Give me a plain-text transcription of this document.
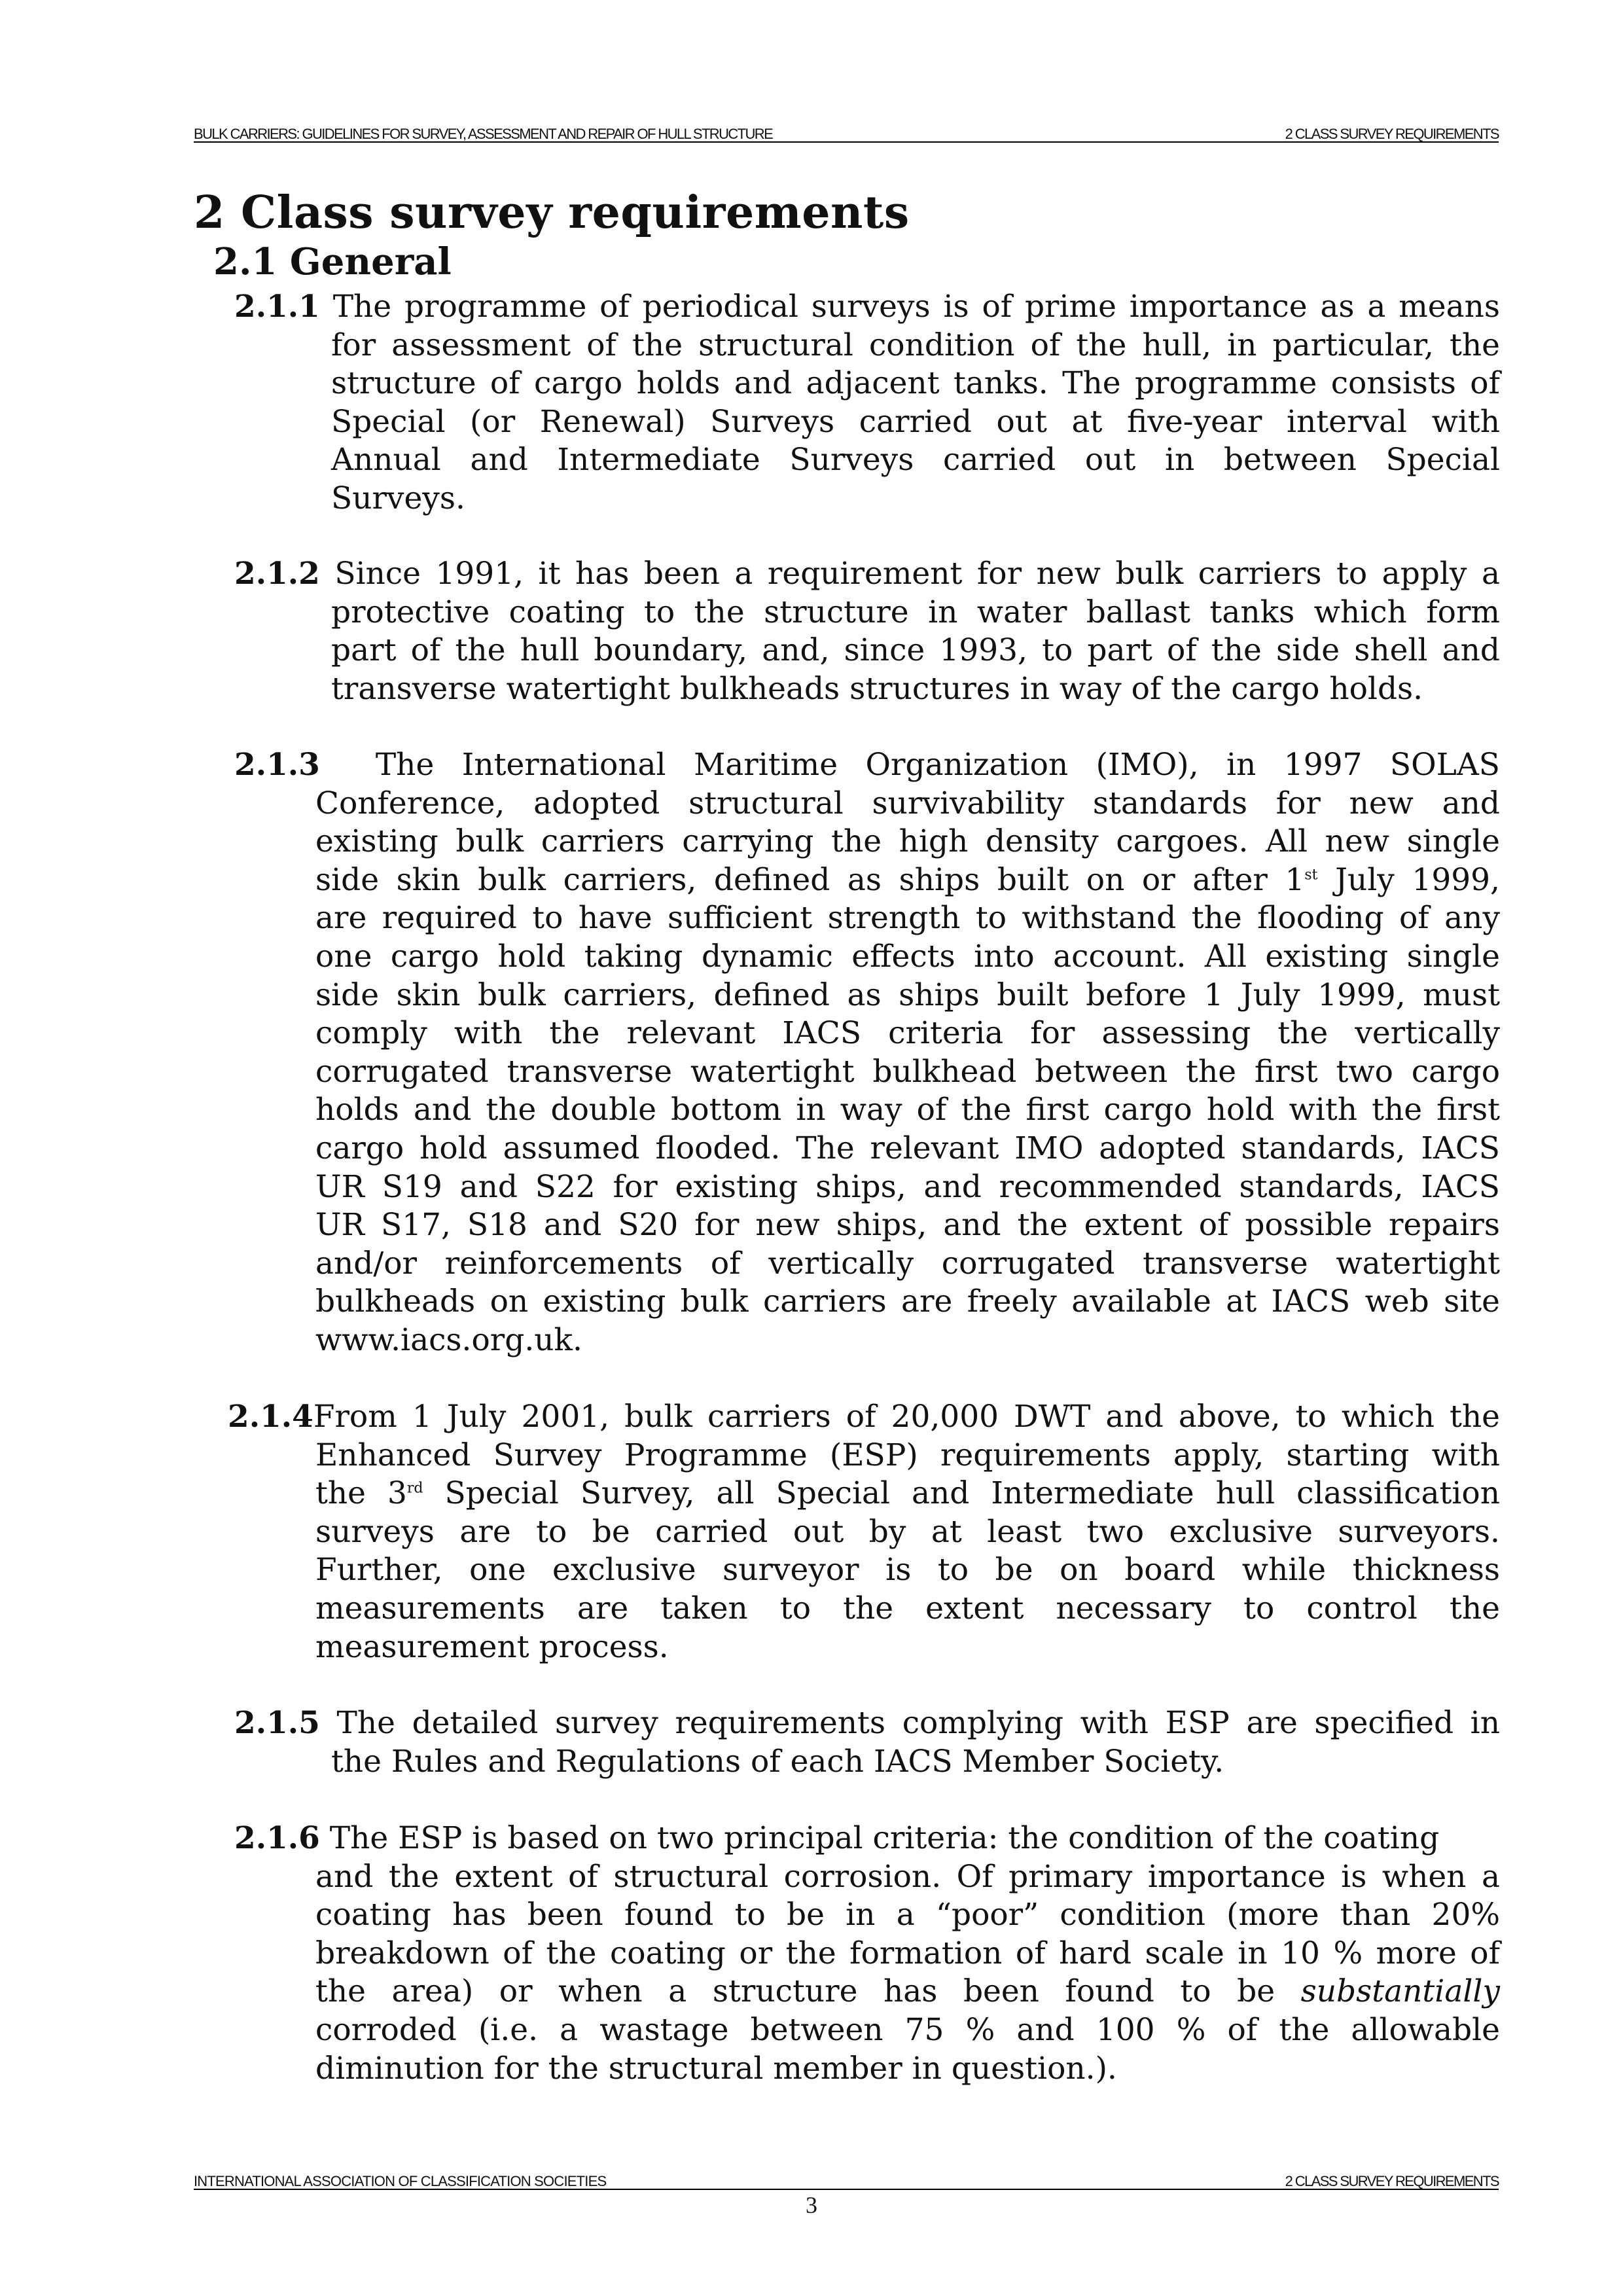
BULK CARRIERS: GUIDELINES FOR SURVEY, ASSESSMENT AND REPAIR OF HULL STRUCTURE	2 CLASS SURVEY REQUIREMENTS
2 Class survey requirements
2.1 General
2.1.1 The programme of periodical surveys is of prime importance as a means
for assessment of the structural condition of the hull, in particular, the
structure of cargo holds and adjacent tanks. The programme consists of
Special (or Renewal) Surveys carried out at five-year interval with
Annual and Intermediate Surveys carried out in between Special
Surveys.
2.1.2 Since 1991, it has been a requirement for new bulk carriers to apply a
protective coating to the structure in water ballast tanks which form
part of the hull boundary, and, since 1993, to part of the side shell and
transverse watertight bulkheads structures in way of the cargo holds.
2.1.3 The International Maritime Organization (IMO), in 1997 SOLAS
Conference, adopted structural survivability standards for new and
existing bulk carriers carrying the high density cargoes. All new single
side skin bulk carriers, defined as ships built on or after 1st July 1999,
are required to have sufficient strength to withstand the flooding of any
one cargo hold taking dynamic effects into account. All existing single
side skin bulk carriers, defined as ships built before 1 July 1999, must
comply with the relevant IACS criteria for assessing the vertically
corrugated transverse watertight bulkhead between the first two cargo
holds and the double bottom in way of the first cargo hold with the first
cargo hold assumed flooded. The relevant IMO adopted standards, IACS
UR S19 and S22 for existing ships, and recommended standards, IACS
UR S17, S18 and S20 for new ships, and the extent of possible repairs
and/or reinforcements of vertically corrugated transverse watertight
bulkheads on existing bulk carriers are freely available at IACS web site
www.iacs.org.uk.
2.1.4From 1 July 2001, bulk carriers of 20,000 DWT and above, to which the
Enhanced Survey Programme (ESP) requirements apply, starting with
the 3rd Special Survey, all Special and Intermediate hull classification
surveys are to be carried out by at least two exclusive surveyors.
Further, one exclusive surveyor is to be on board while thickness
measurements are taken to the extent necessary to control the
measurement process.
2.1.5 The detailed survey requirements complying with ESP are specified in
the Rules and Regulations of each IACS Member Society.
2.1.6 The ESP is based on two principal criteria: the condition of the coating
and the extent of structural corrosion. Of primary importance is when a
coating has been found to be in a “poor” condition (more than 20%
breakdown of the coating or the formation of hard scale in 10 % more of
the area) or when a structure has been found to be substantially
corroded (i.e. a wastage between 75 % and 100 % of the allowable
diminution for the structural member in question.).
INTERNATIONAL ASSOCIATION OF CLASSIFICATION SOCIETIES	2 CLASS SURVEY REQUIREMENTS
3
